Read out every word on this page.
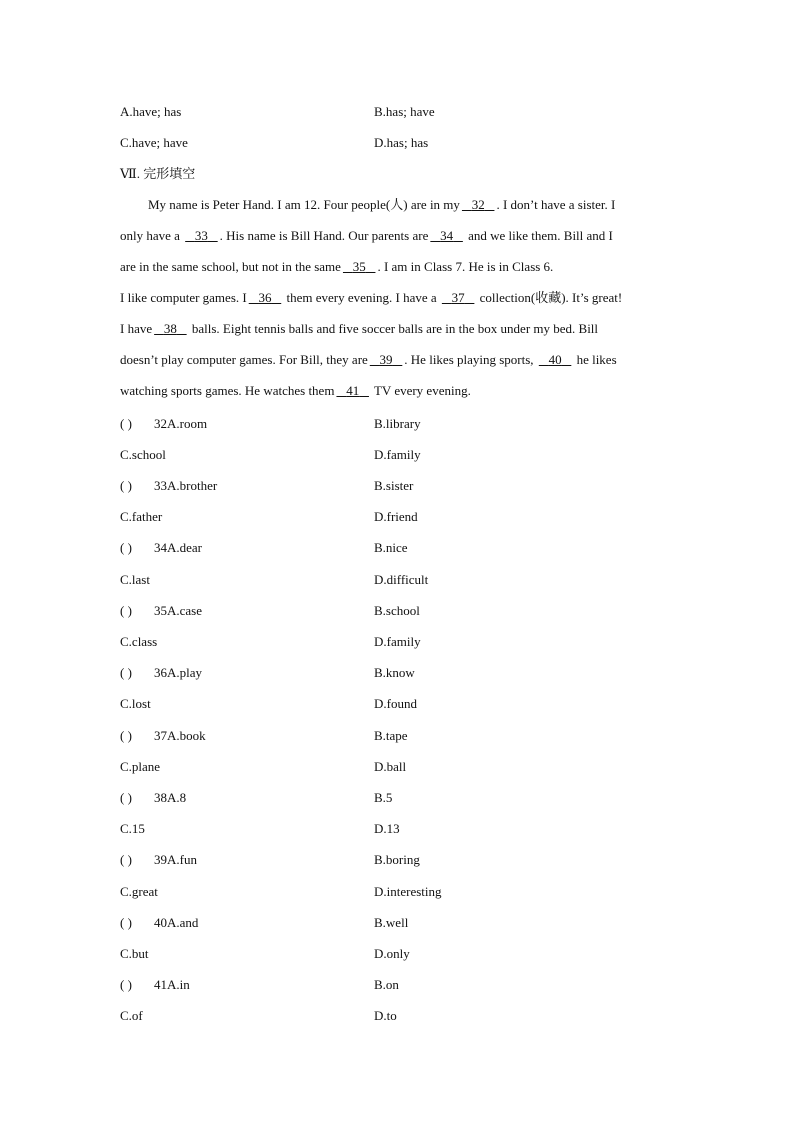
A.have; has	B.has; have
C.have; have	D.has; has
Ⅶ. 完形填空
My name is Peter Hand. I am 12. Four people(人) are in my 32 . I don’t have a sister. I
only have a    33 . His name is Bill Hand. Our parents are 34    and we like them. Bill and I
are in the same school, but not in the same 35 . I am in Class 7. He is in Class 6.
I like computer games. I 36    them every evening. I have a    37    collection(收藏). It’s great!
I have 38    balls. Eight tennis balls and five soccer balls are in the box under my bed. Bill
doesn’t play computer games. For Bill, they are 39 . He likes playing sports,    40    he likes
watching sports games. He watches them 41    TV every evening.
( ) 32A.room	B.library
C.school	D.family
( ) 33A.brother	B.sister
C.father	D.friend
( ) 34A.dear	B.nice
C.last	D.difficult
( ) 35A.case	B.school
C.class	D.family
( ) 36A.play	B.know
C.lost	D.found
( ) 37A.book	B.tape
C.plane	D.ball
( ) 38A.8	B.5
C.15	D.13
( ) 39A.fun	B.boring
C.great	D.interesting
( ) 40A.and	B.well
C.but	D.only
( ) 41A.in	B.on
C.of	D.to
